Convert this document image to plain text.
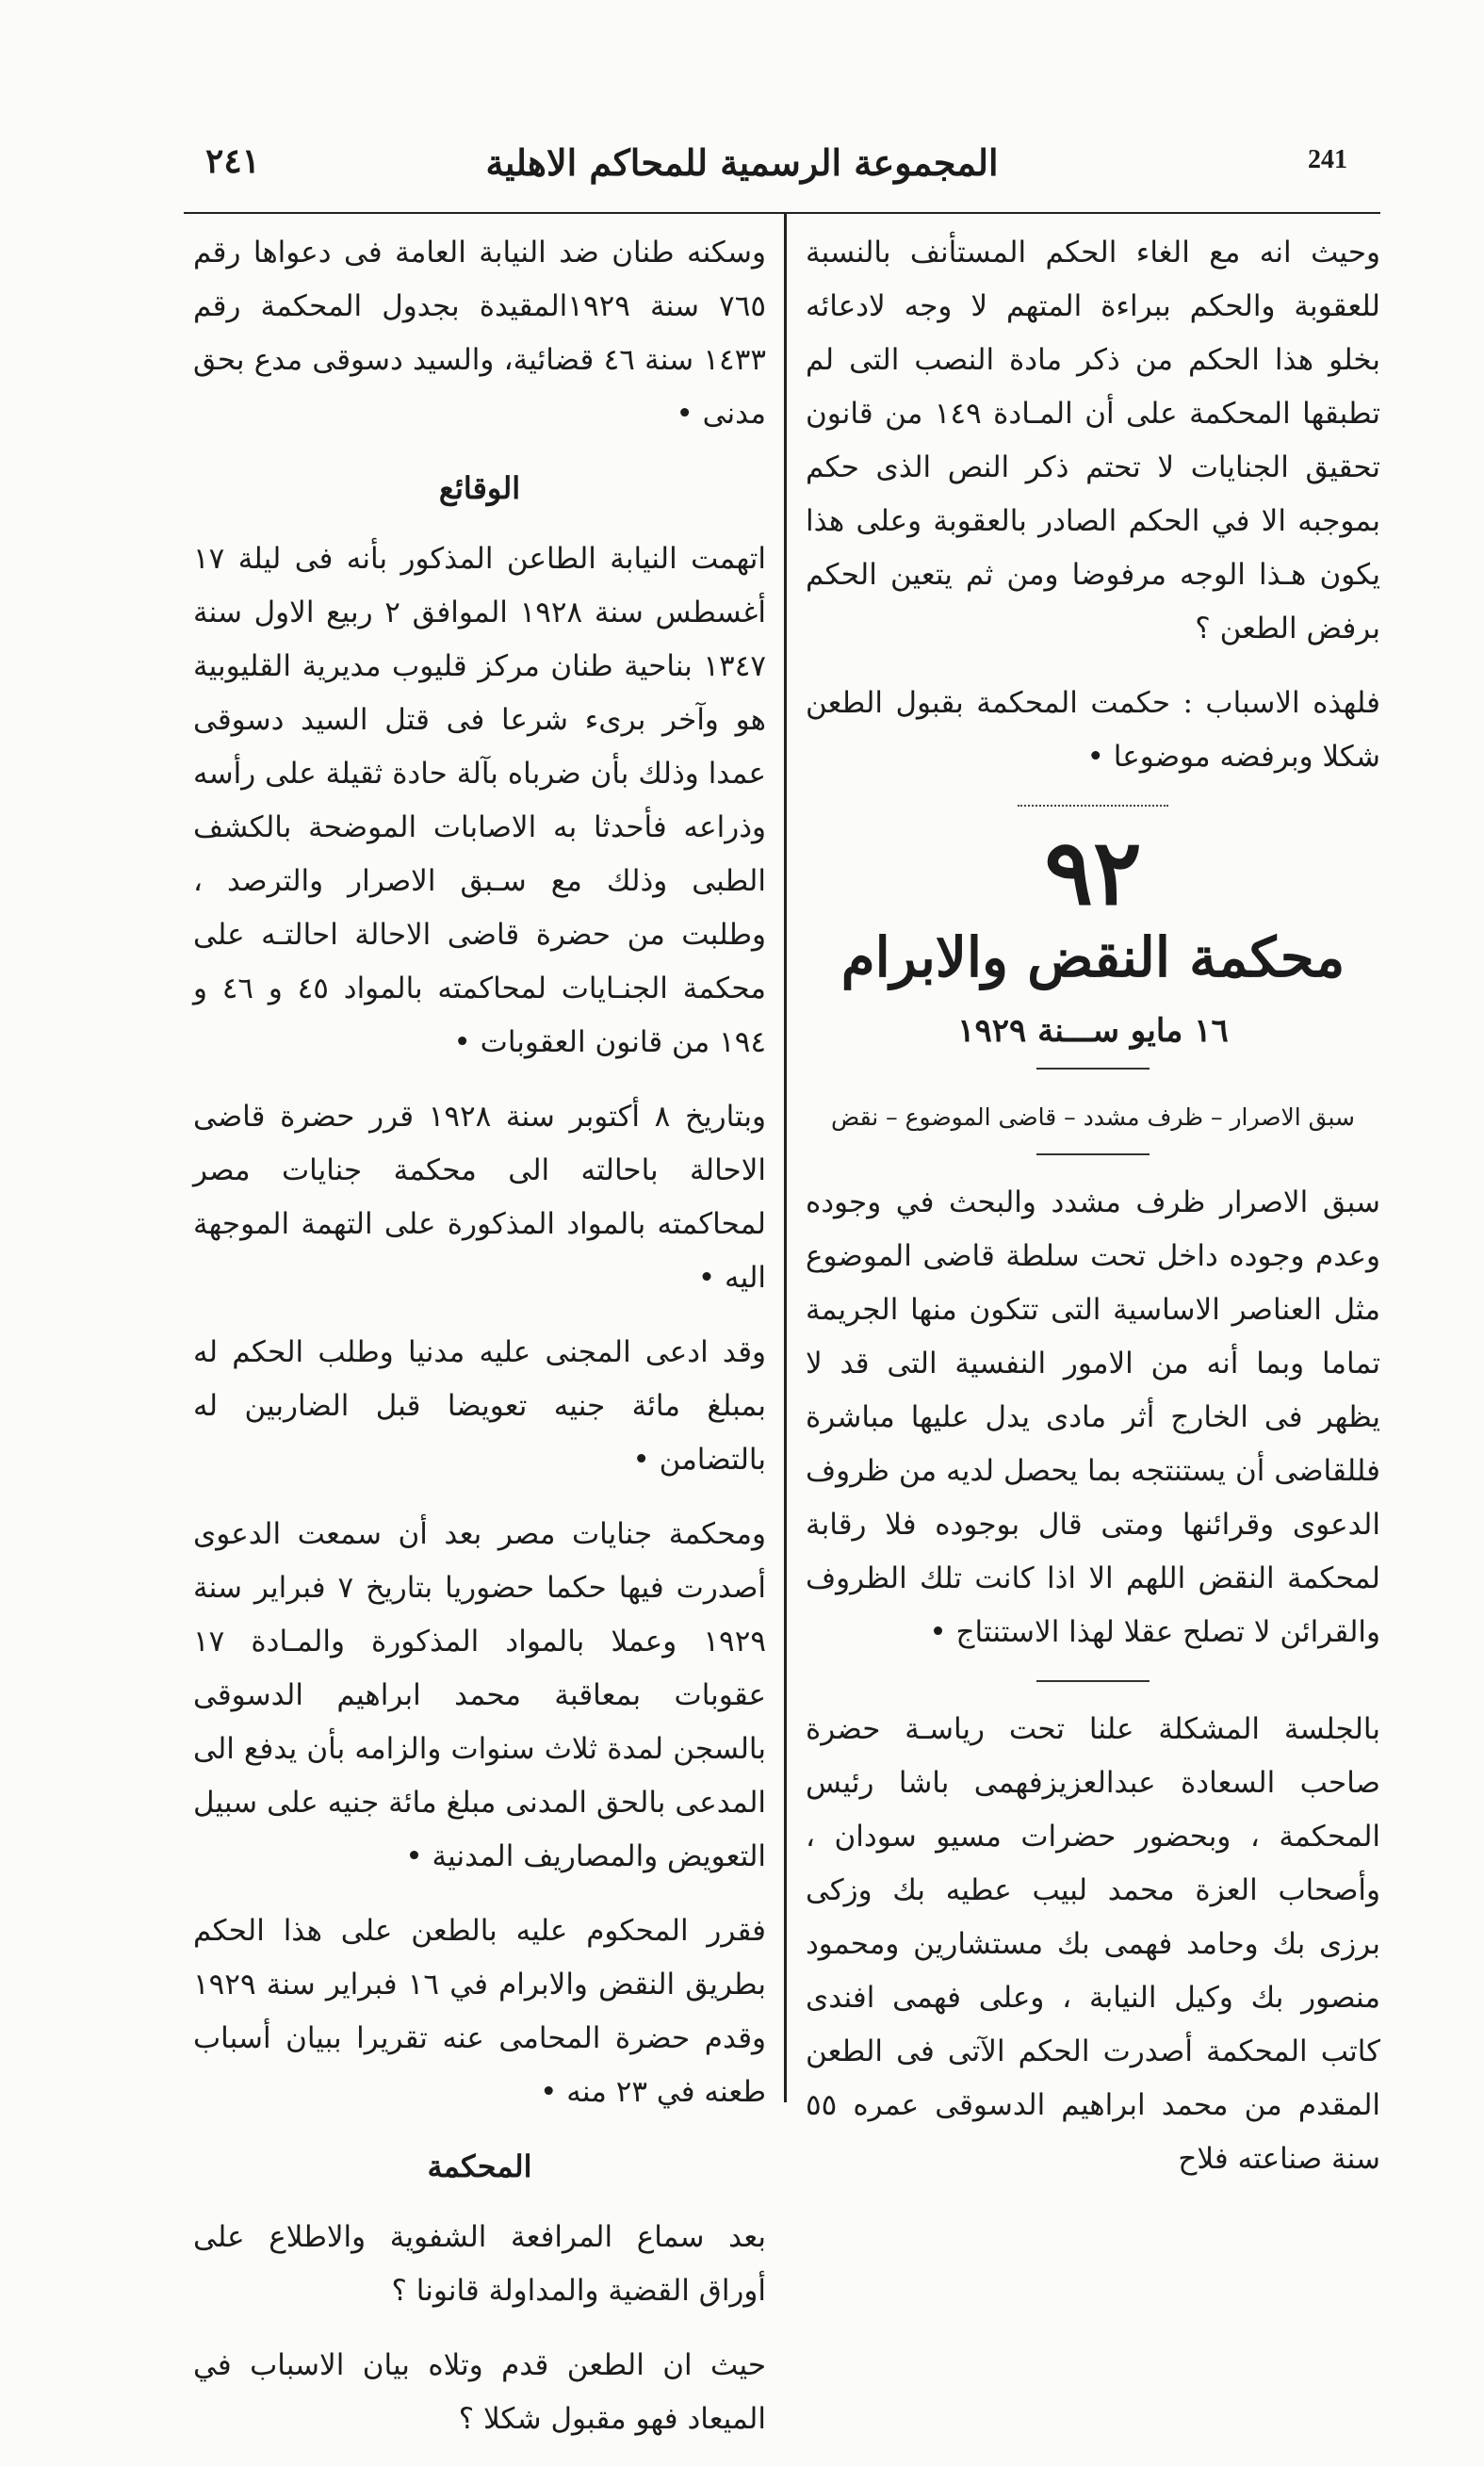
٢٤١	المجموعة الرسمية للمحاكم الاهلية	241

وحيث انه مع الغاء الحكم المستأنف بالنسبة للعقوبة والحكم ببراءة المتهم لا وجه لادعائه بخلو هذا الحكم من ذكر مادة النصب التى لم تطبقها المحكمة على أن المـادة ١٤٩ من قانون تحقيق الجنايات لا تحتم ذكر النص الذى حكم بموجبه الا في الحكم الصادر بالعقوبة وعلى هذا يكون هـذا الوجه مرفوضا ومن ثم يتعين الحكم برفض الطعن ؟

فلهذه الاسباب : حكمت المحكمة بقبول الطعن شكلا وبرفضه موضوعا •

٩٢
محكمة النقض والابرام
١٦ مايو ســـنة ١٩٢٩
سبق الاصرار – ظرف مشدد – قاضى الموضوع – نقض

سبق الاصرار ظرف مشدد والبحث في وجوده وعدم وجوده داخل تحت سلطة قاضى الموضوع مثل العناصر الاساسية التى تتكون منها الجريمة تماما وبما أنه من الامور النفسية التى قد لا يظهر فى الخارج أثر مادى يدل عليها مباشرة فللقاضى أن يستنتجه بما يحصل لديه من ظروف الدعوى وقرائنها ومتى قال بوجوده فلا رقابة لمحكمة النقض اللهم الا اذا كانت تلك الظروف والقرائن لا تصلح عقلا لهذا الاستنتاج •

بالجلسة المشكلة علنا تحت رياسـة حضرة صاحب السعادة عبدالعزيزفهمى باشا رئيس المحكمة ، وبحضور حضرات مسيو سودان ، وأصحاب العزة محمد لبيب عطيه بك وزكى برزى بك وحامد فهمى بك مستشارين ومحمود منصور بك وكيل النيابة ، وعلى فهمى افندى كاتب المحكمة أصدرت الحكم الآتى فى الطعن المقدم من محمد ابراهيم الدسوقى عمره ٥٥ سنة صناعته فلاح

وسكنه طنان ضد النيابة العامة فى دعواها رقم ٧٦٥ سنة ١٩٢٩المقيدة بجدول المحكمة رقم ١٤٣٣ سنة ٤٦ قضائية، والسيد دسوقى مدع بحق مدنى •

الوقائع

اتهمت النيابة الطاعن المذكور بأنه فى ليلة ١٧ أغسطس سنة ١٩٢٨ الموافق ٢ ربيع الاول سنة ١٣٤٧ بناحية طنان مركز قليوب مديرية القليوبية هو وآخر برىء شرعا فى قتل السيد دسوقى عمدا وذلك بأن ضرباه بآلة حادة ثقيلة على رأسه وذراعه فأحدثا به الاصابات الموضحة بالكشف الطبى وذلك مع سـبق الاصرار والترصد ، وطلبت من حضرة قاضى الاحالة احالتـه على محكمة الجنـايات لمحاكمته بالمواد ٤٥ و ٤٦ و ١٩٤ من قانون العقوبات •

وبتاريخ ٨ أكتوبر سنة ١٩٢٨ قرر حضرة قاضى الاحالة باحالته الى محكمة جنايات مصر لمحاكمته بالمواد المذكورة على التهمة الموجهة اليه •

وقد ادعى المجنى عليه مدنيا وطلب الحكم له بمبلغ مائة جنيه تعويضا قبل الضاربين له بالتضامن •

ومحكمة جنايات مصر بعد أن سمعت الدعوى أصدرت فيها حكما حضوريا بتاريخ ٧ فبراير سنة ١٩٢٩ وعملا بالمواد المذكورة والمـادة ١٧ عقوبات بمعاقبة محمد ابراهيم الدسوقى بالسجن لمدة ثلاث سنوات والزامه بأن يدفع الى المدعى بالحق المدنى مبلغ مائة جنيه على سبيل التعويض والمصاريف المدنية •

فقرر المحكوم عليه بالطعن على هذا الحكم بطريق النقض والابرام في ١٦ فبراير سنة ١٩٢٩ وقدم حضرة المحامى عنه تقريرا ببيان أسباب طعنه في ٢٣ منه •

المحكمة

بعد سماع المرافعة الشفوية والاطلاع على أوراق القضية والمداولة قانونا ؟

حيث ان الطعن قدم وتلاه بيان الاسباب في الميعاد فهو مقبول شكلا ؟
